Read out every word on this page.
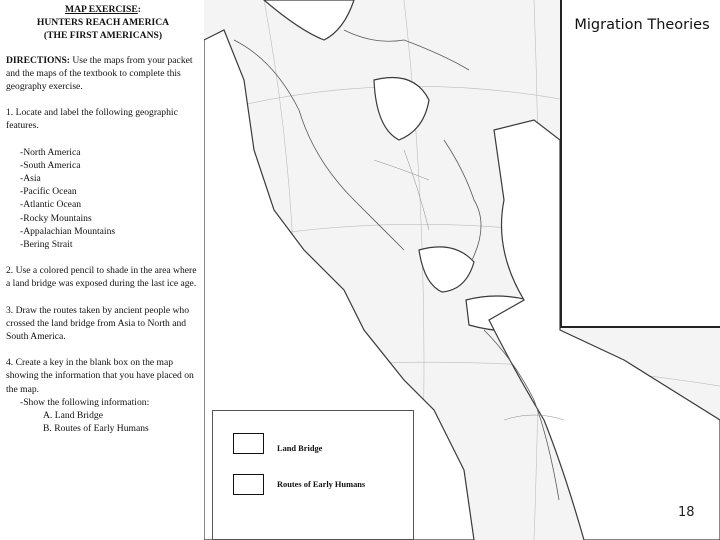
MAP EXERCISE:
HUNTERS REACH AMERICA
(THE FIRST AMERICANS)

DIRECTIONS: Use the maps from your packet and the maps of the textbook to complete this geography exercise.

1. Locate and label the following geographic features.

-North America
-South America
-Asia
-Pacific Ocean
-Atlantic Ocean
-Rocky Mountains
-Appalachian Mountains
-Bering Strait

2. Use a colored pencil to shade in the area where a land bridge was exposed during the last ice age.

3. Draw the routes taken by ancient people who crossed the land bridge from Asia to North and South America.

4. Create a key in the blank box on the map showing the information that you have placed on the map.

-Show the following information:
A. Land Bridge
B. Routes of Early Humans
Migration Theories
Land Bridge
Routes of Early Humans
18
